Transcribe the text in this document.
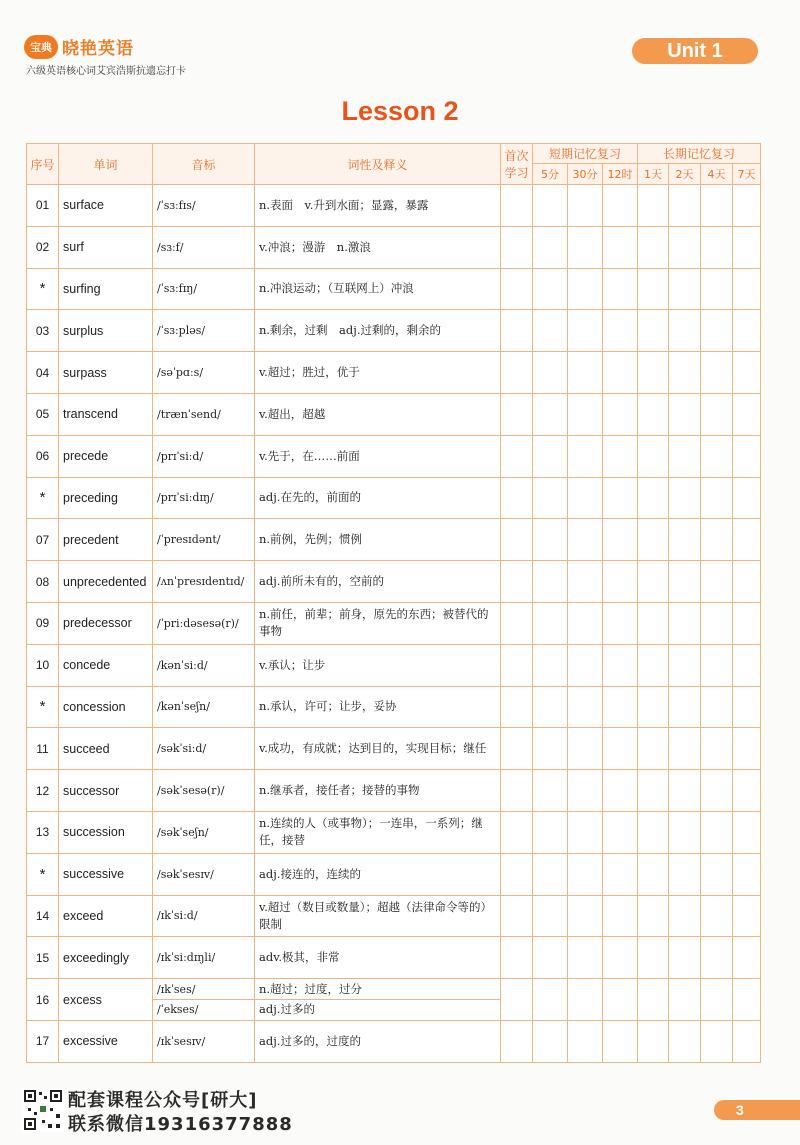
宝典 晓艳英语
六级英语核心词艾宾浩斯抗遗忘打卡
Unit 1
Lesson 2
序号	单词	音标	词性及释义	首次学习	短期记忆复习			长期记忆复习			
					5分	30分	12时	1天	2天	4天	7天
01	surface	/ˈsɜːfɪs/	n.表面　v.升到水面；显露，暴露								
02	surf	/sɜːf/	v.冲浪；漫游　n.激浪								
*	surfing	/ˈsɜːfɪŋ/	n.冲浪运动；（互联网上）冲浪								
03	surplus	/ˈsɜːpləs/	n.剩余，过剩　adj.过剩的，剩余的								
04	surpass	/səˈpɑːs/	v.超过；胜过，优于								
05	transcend	/trænˈsend/	v.超出，超越								
06	precede	/prɪˈsiːd/	v.先于，在……前面								
*	preceding	/prɪˈsiːdɪŋ/	adj.在先的，前面的								
07	precedent	/ˈpresɪdənt/	n.前例，先例；惯例								
08	unprecedented	/ʌnˈpresɪdentɪd/	adj.前所未有的，空前的								
09	predecessor	/ˈpriːdəsesə(r)/	n.前任，前辈；前身，原先的东西；被替代的事物								
10	concede	/kənˈsiːd/	v.承认；让步								
*	concession	/kənˈseʃn/	n.承认，许可；让步，妥协								
11	succeed	/səkˈsiːd/	v.成功，有成就；达到目的，实现目标；继任								
12	successor	/səkˈsesə(r)/	n.继承者，接任者；接替的事物								
13	succession	/səkˈseʃn/	n.连续的人（或事物）；一连串，一系列；继任，接替								
*	successive	/səkˈsesɪv/	adj.接连的，连续的								
14	exceed	/ɪkˈsiːd/	v.超过（数目或数量）；超越（法律命令等的）限制								
15	exceedingly	/ɪkˈsiːdɪŋli/	adv.极其，非常								
16	excess	/ɪkˈses/	n.超过；过度，过分								
		/ˈekses/	adj.过多的								
17	excessive	/ɪkˈsesɪv/	adj.过多的，过度的								
配套课程公众号[研大]
联系微信19316377888
3
